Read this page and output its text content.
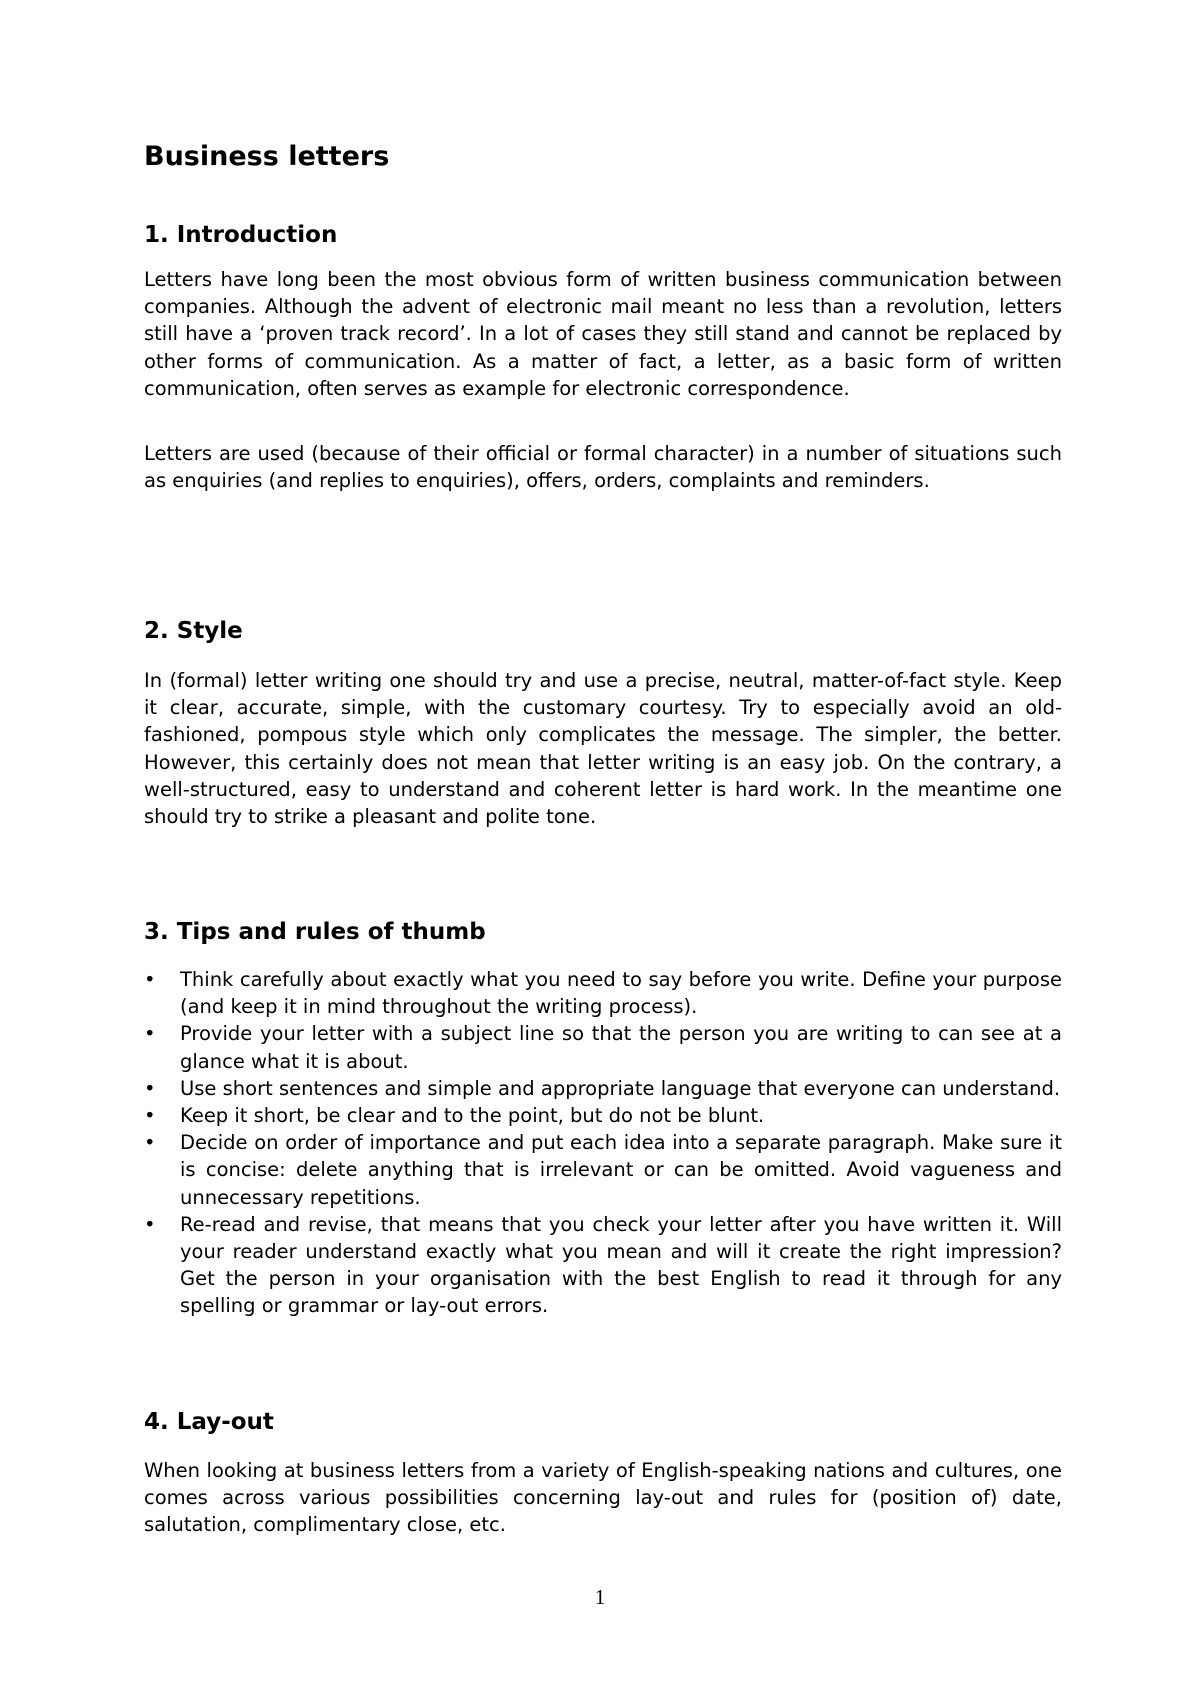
Business letters
1. Introduction

Letters have long been the most obvious form of written business communication between companies. Although the advent of electronic mail meant no less than a revolution, letters still have a ‘proven track record’. In a lot of cases they still stand and cannot be replaced by other forms of communication. As a matter of fact, a letter, as a basic form of written communication, often serves as example for electronic correspondence.

Letters are used (because of their official or formal character) in a number of situations such as enquiries (and replies to enquiries), offers, orders, complaints and reminders.

2. Style

In (formal) letter writing one should try and use a precise, neutral, matter-of-fact style. Keep it clear, accurate, simple, with the customary courtesy. Try to especially avoid an old-fashioned, pompous style which only complicates the message. The simpler, the better. However, this certainly does not mean that letter writing is an easy job. On the contrary, a well-structured, easy to understand and coherent letter is hard work. In the meantime one should try to strike a pleasant and polite tone.

3. Tips and rules of thumb
•	Think carefully about exactly what you need to say before you write. Define your purpose (and keep it in mind throughout the writing process).
•	Provide your letter with a subject line so that the person you are writing to can see at a glance what it is about.
•	Use short sentences and simple and appropriate language that everyone can understand.
•	Keep it short, be clear and to the point, but do not be blunt.
•	Decide on order of importance and put each idea into a separate paragraph. Make sure it is concise: delete anything that is irrelevant or can be omitted. Avoid vagueness and unnecessary repetitions.
•	Re-read and revise, that means that you check your letter after you have written it. Will your reader understand exactly what you mean and will it create the right impression? Get the person in your organisation with the best English to read it through for any spelling or grammar or lay-out errors.
4. Lay-out

When looking at business letters from a variety of English-speaking nations and cultures, one comes across various possibilities concerning lay-out and rules for (position of) date, salutation, complimentary close, etc.

1
